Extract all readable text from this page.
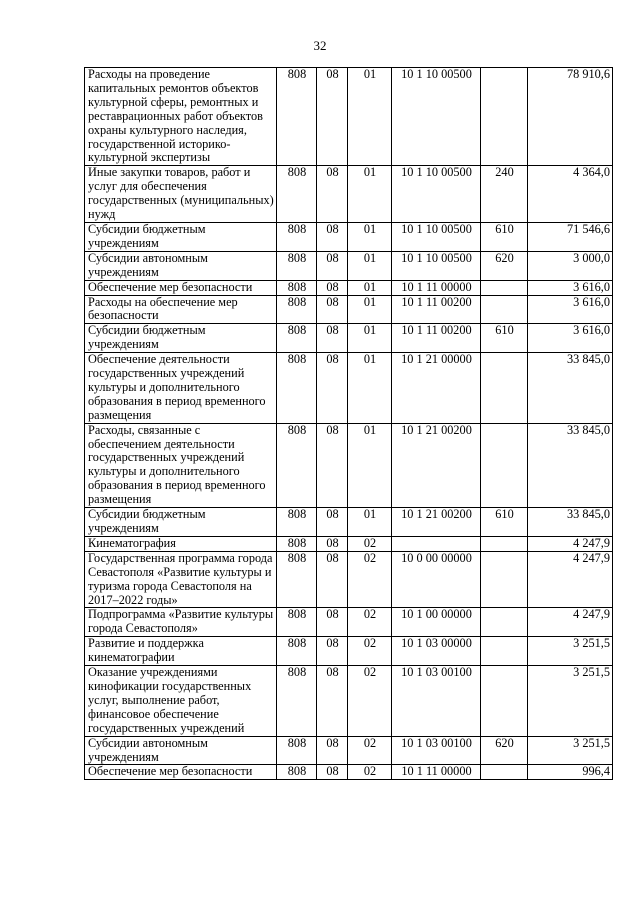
32
Расходы на проведение капитальных ремонтов объектов культурной сферы, ремонтных и реставрационных работ объектов охраны культурного наследия, государственной историко-культурной экспертизы	808	08	01	10 1 10 00500		78 910,6
Иные закупки товаров, работ и услуг для обеспечения государственных (муниципальных) нужд	808	08	01	10 1 10 00500	240	4 364,0
Субсидии бюджетным учреждениям	808	08	01	10 1 10 00500	610	71 546,6
Субсидии автономным учреждениям	808	08	01	10 1 10 00500	620	3 000,0
Обеспечение мер безопасности	808	08	01	10 1 11 00000		3 616,0
Расходы на обеспечение мер безопасности	808	08	01	10 1 11 00200		3 616,0
Субсидии бюджетным учреждениям	808	08	01	10 1 11 00200	610	3 616,0
Обеспечение деятельности государственных учреждений культуры и дополнительного образования в период временного размещения	808	08	01	10 1 21 00000		33 845,0
Расходы, связанные с обеспечением деятельности государственных учреждений культуры и дополнительного образования в период временного размещения	808	08	01	10 1 21 00200		33 845,0
Субсидии бюджетным учреждениям	808	08	01	10 1 21 00200	610	33 845,0
Кинематография	808	08	02			4 247,9
Государственная программа города Севастополя «Развитие культуры и туризма города Севастополя на 2017–2022 годы»	808	08	02	10 0 00 00000		4 247,9
Подпрограмма «Развитие культуры города Севастополя»	808	08	02	10 1 00 00000		4 247,9
Развитие и поддержка кинематографии	808	08	02	10 1 03 00000		3 251,5
Оказание учреждениями кинофикации государственных услуг, выполнение работ, финансовое обеспечение государственных учреждений	808	08	02	10 1 03 00100		3 251,5
Субсидии автономным учреждениям	808	08	02	10 1 03 00100	620	3 251,5
Обеспечение мер безопасности	808	08	02	10 1 11 00000		996,4
